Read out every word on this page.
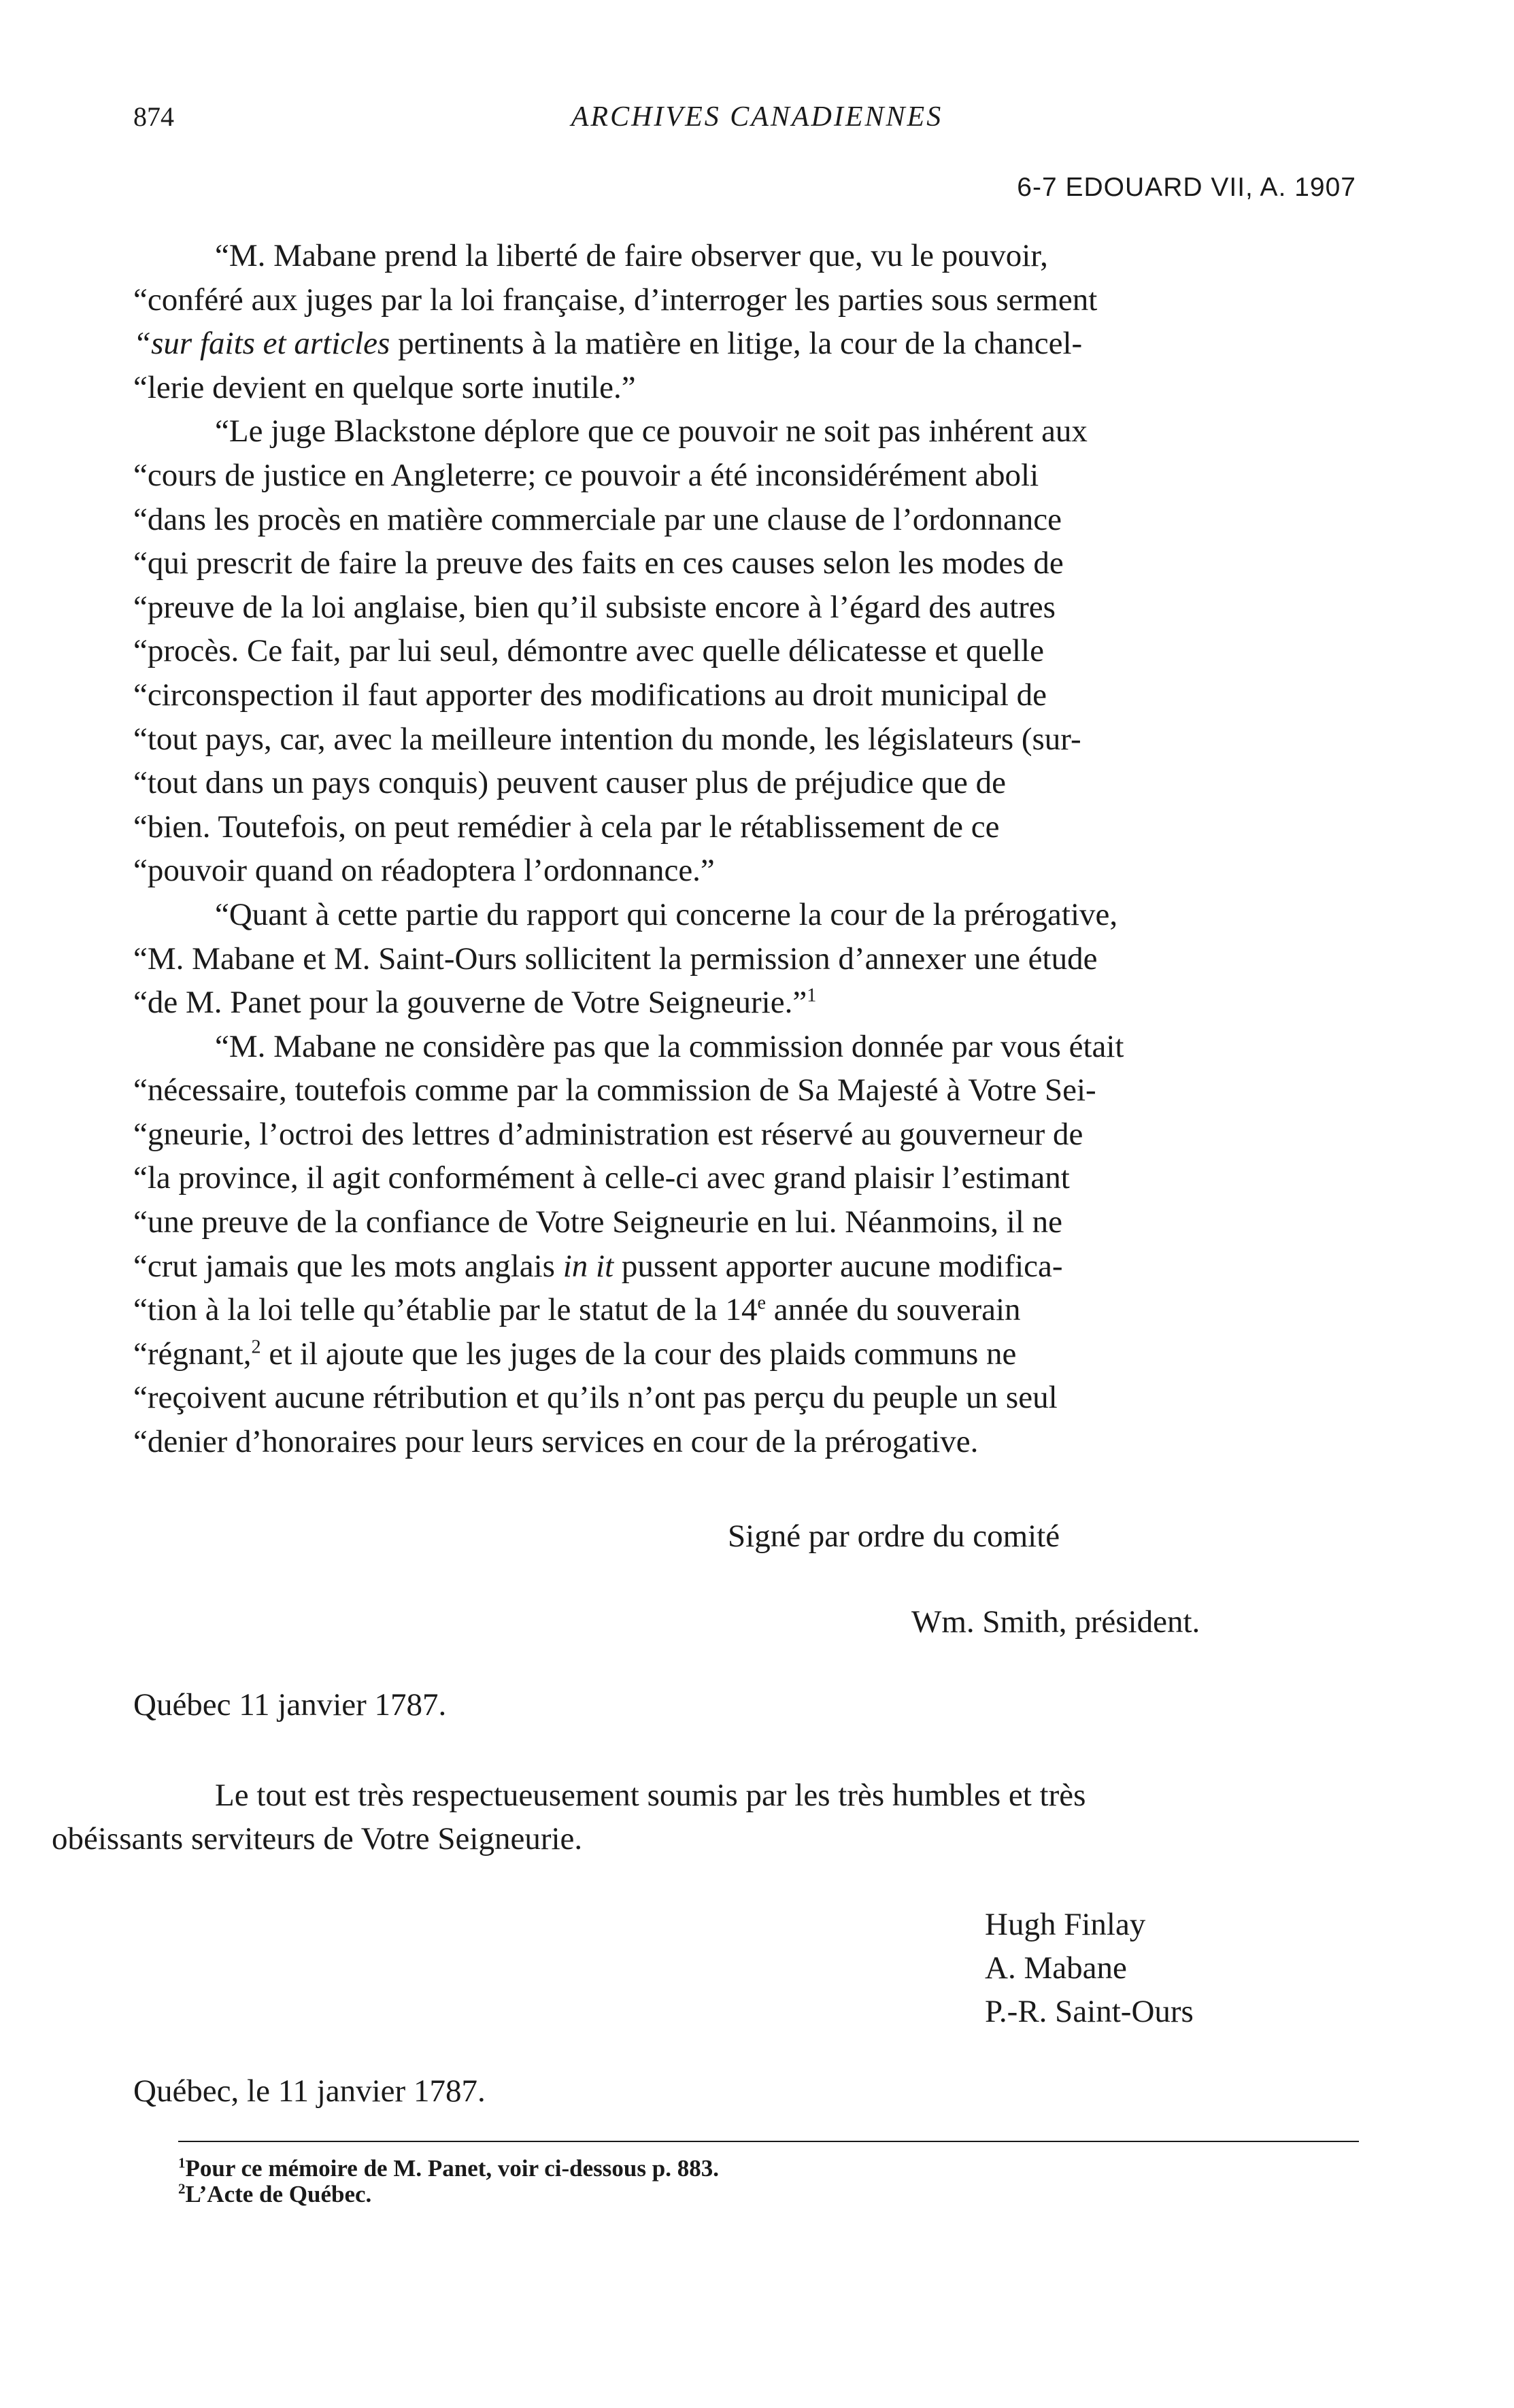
874	ARCHIVES CANADIENNES
6-7 EDOUARD VII, A. 1907

“M. Mabane prend la liberté de faire observer que, vu le pouvoir,
“conféré aux juges par la loi française, d’interroger les parties sous serment
“sur faits et articles pertinents à la matière en litige, la cour de la chancel-
“lerie devient en quelque sorte inutile.”

“Le juge Blackstone déplore que ce pouvoir ne soit pas inhérent aux
“cours de justice en Angleterre; ce pouvoir a été inconsidérément aboli
“dans les procès en matière commerciale par une clause de l’ordonnance
“qui prescrit de faire la preuve des faits en ces causes selon les modes de
“preuve de la loi anglaise, bien qu’il subsiste encore à l’égard des autres
“procès. Ce fait, par lui seul, démontre avec quelle délicatesse et quelle
“circonspection il faut apporter des modifications au droit municipal de
“tout pays, car, avec la meilleure intention du monde, les législateurs (sur-
“tout dans un pays conquis) peuvent causer plus de préjudice que de
“bien. Toutefois, on peut remédier à cela par le rétablissement de ce
“pouvoir quand on réadoptera l’ordonnance.”

“Quant à cette partie du rapport qui concerne la cour de la prérogative,
“M. Mabane et M. Saint-Ours sollicitent la permission d’annexer une étude
“de M. Panet pour la gouverne de Votre Seigneurie.”$^1$

“M. Mabane ne considère pas que la commission donnée par vous était
“nécessaire, toutefois comme par la commission de Sa Majesté à Votre Sei-
“gneurie, l’octroi des lettres d’administration est réservé au gouverneur de
“la province, il agit conformément à celle-ci avec grand plaisir l’estimant
“une preuve de la confiance de Votre Seigneurie en lui. Néanmoins, il ne
“crut jamais que les mots anglais in it pussent apporter aucune modifica-
“tion à la loi telle qu’établie par le statut de la 14e année du souverain
“régnant,$^2$ et il ajoute que les juges de la cour des plaids communs ne
“reçoivent aucune rétribution et qu’ils n’ont pas perçu du peuple un seul
“denier d’honoraires pour leurs services en cour de la prérogative.

Signé par ordre du comité
Wm. Smith, président.
Québec 11 janvier 1787.

Le tout est très respectueusement soumis par les très humbles et très
obéissants serviteurs de Votre Seigneurie.

Hugh Finlay
A. Mabane
P.-R. Saint-Ours
Québec, le 11 janvier 1787.
$^1$Pour ce mémoire de M. Panet, voir ci-dessous p. 883.
$^2$L’Acte de Québec.
